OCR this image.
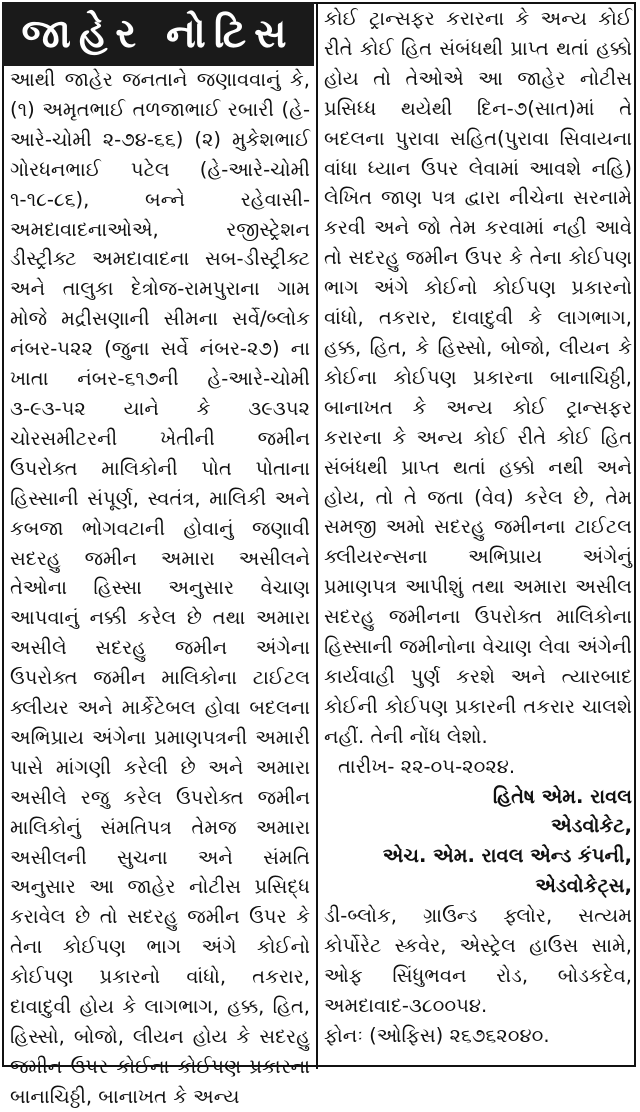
જાહેર નોટિસ

આથી જાહેર જનતાને જણાવવાનું કે, (૧) અમૃતભાઈ તળજાભાઈ રબારી (હે-આરે-ચોમી ૨-૭૪-૬૬) (૨) મુકેશભાઈ ગોરધનભાઈ પટેલ (હે-આરે-ચોમી ૧-૧૮-૮૬), બન્ને રહેવાસી-અમદાવાદનાઓએ, રજીસ્ટ્રેશન ડીસ્ટ્રીક્ટ અમદાવાદના સબ-ડીસ્ટ્રીક્ટ અને તાલુકા દેત્રોજ-રામપુરાના ગામ મોજે મદ્રીસણાની સીમના સર્વે/બ્લોક નંબર-૫૨૨ (જુના સર્વે નંબર-૨૭) ના ખાતા નંબર-૬૧૭ની હે-આરે-ચોમી ૩-૯૩-૫૨ યાને કે ૩૯૩૫૨ ચોરસમીટરની ખેતીની જમીન ઉપરોક્ત માલિકોની પોત પોતાના હિસ્સાની સંપૂર્ણ, સ્વતંત્ર, માલિકી અને કબજા ભોગવટાની હોવાનું જણાવી સદરહુ જમીન અમારા અસીલને તેઓના હિસ્સા અનુસાર વેચાણ આપવાનું નક્કી કરેલ છે તથા અમારા અસીલે સદરહુ જમીન અંગેના ઉપરોક્ત જમીન માલિકોના ટાઈટલ ક્લીયર અને માર્કેટેબલ હોવા બદલના અભિપ્રાય અંગેના પ્રમાણપત્રની અમારી પાસે માંગણી કરેલી છે અને અમારા અસીલે રજુ કરેલ ઉપરોક્ત જમીન માલિકોનું સંમતિપત્ર તેમજ અમારા અસીલની સુચના અને સંમતિ અનુસાર આ જાહેર નોટીસ પ્રસિદ્ધ કરાવેલ છે તો સદરહુ જમીન ઉપર કે તેના કોઈપણ ભાગ અંગે કોઈનો કોઈપણ પ્રકારનો વાંધો, તકરાર, દાવાદુવી હોય કે લાગભાગ, હક્ક, હિત, હિસ્સો, બોજો, લીયન હોય કે સદરહુ જમીન ઉપર કોઈના કોઈપણ પ્રકારના બાનાચિઠ્ઠી, બાનાખત કે અન્ય

કોઈ ટ્રાન્સફર કરારના કે અન્ય કોઈ રીતે કોઈ હિત સંબંધથી પ્રાપ્ત થતાં હક્કો હોય તો તેઓએ આ જાહેર નોટીસ પ્રસિધ્ધ થયેથી દિન-૭(સાત)માં તે બદલના પુરાવા સહિત(પુરાવા સિવાયના વાંધા ધ્યાન ઉપર લેવામાં આવશે નહિ) લેખિત જાણ પત્ર દ્વારા નીચેના સરનામે કરવી અને જો તેમ કરવામાં નહી આવે તો સદરહુ જમીન ઉપર કે તેના કોઈપણ ભાગ અંગે કોઈનો કોઈપણ પ્રકારનો વાંધો, તકરાર, દાવાદુવી કે લાગભાગ, હક્ક, હિત, કે હિસ્સો, બોજો, લીયન કે કોઈના કોઈપણ પ્રકારના બાનાચિઠ્ઠી, બાનાખત કે અન્ય કોઈ ટ્રાન્સફર કરારના કે અન્ય કોઈ રીતે કોઈ હિત સંબંધથી પ્રાપ્ત થતાં હક્કો નથી અને હોય, તો તે જતા (વેવ) કરેલ છે, તેમ સમજી અમો સદરહુ જમીનના ટાઈટલ ક્લીયરન્સના અભિપ્રાય અંગેનું પ્રમાણપત્ર આપીશું તથા અમારા અસીલ સદરહુ જમીનના ઉપરોક્ત માલિકોના હિસ્સાની જમીનોના વેચાણ લેવા અંગેની કાર્યવાહી પુર્ણ કરશે અને ત્યારબાદ કોઈની કોઈપણ પ્રકારની તકરાર ચાલશે નહીં. તેની નોંધ લેશો.

તારીખ- ૨૨-૦૫-૨૦૨૪.

હિતેષ એમ. રાવલ

એડવોકેટ,

એચ. એમ. રાવલ એન્ડ કંપની,

એડવોકેટ્સ,

ડી-બ્લોક, ગ્રાઉન્ડ ફ્લોર, સત્યમ કોર્પોરેટ સ્કવેર, એસ્ટ્રેલ હાઉસ સામે, ઓફ સિંધુભવન રોડ, બોડકદેવ, અમદાવાદ-૩૮૦૦૫૪.

ફોનઃ (ઓફિસ) ૨૬૭૬૨૦૪૦.
